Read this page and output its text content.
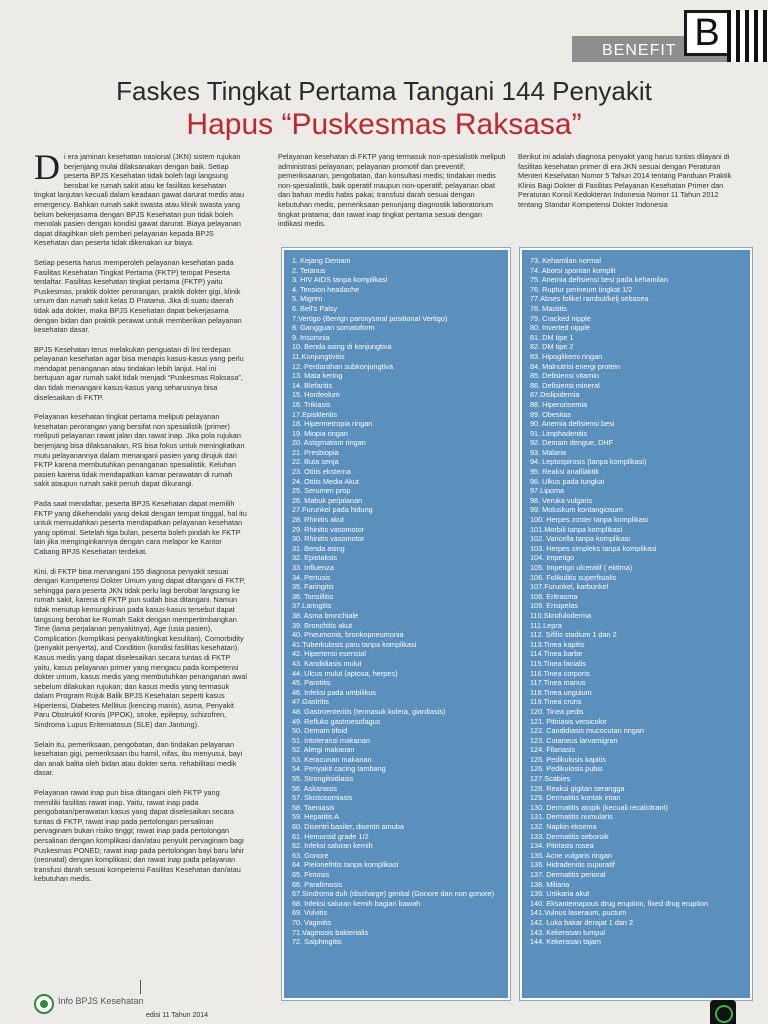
BENEFIT B
Faskes Tingkat Pertama Tangani 144 Penyakit
Hapus “Puskesmas Raksasa”
D i era jaminan kesehatan nasional (JKN) sistem rujukan berjenjang mulai dilaksanakan dengan baik. Setiap peserta BPJS Kesehatan tidak boleh lagi langsung berobat ke rumah sakit atau ke fasilitas kesehatan tingkat lanjutan kecuali dalam keadaan gawat darurat medis atau emergency. Bahkan rumah sakit swasta atau klinik swasta yang belum bekerjasama dengan BPJS Kesehatan pun tidak boleh menolak pasien dengan kondisi gawat darurat. Biaya pelayanan dapat ditagihkan oleh pemberi pelayanan kepada BPJS Kesehatan dan peserta tidak dikenakan iur biaya.

Setiap peserta harus memperoleh pelayanan kesehatan pada Fasilitas Kesehatan Tingkat Pertama (FKTP) tempat Peserta terdaftar. Fasilitas kesehatan tingkat pertama (FKTP) yaitu Puskesmas, praktik dokter perorangan, praktik dokter gigi, klinik umum dan rumah sakit kelas D Pratama. Jika di suatu daerah tidak ada dokter, maka BPJS Kesehatan dapat bekerjasama dengan bidan dan praktik perawat untuk memberikan pelayanan kesehatan dasar.

BPJS Kesehatan terus melakukan penguatan di lini terdepan pelayanan kesehatan agar bisa menapis kasus-kasus yang perlu mendapat penanganan atau tindakan lebih lanjut. Hal ini bertujuan agar rumah sakit tidak menjadi “Puskesmas Raksasa”, dan tidak menangani kasus-kasus yang seharusnya bisa diselesaikan di FKTP.

Pelayanan kesehatan tingkat pertama meliputi pelayanan kesehatan perorangan yang bersifat non spesialistik (primer) meliputi pelayanan rawat jalan dan rawat inap. Jika pola rujukan berjenjang bisa dilaksanakan, RS bisa fokus untuk meningkatkan mutu pelayanannya dalam menangani pasien yang dirujuk dari FKTP karena membutuhkan penanganan spesialistik. Keluhan pasien karena tidak mendapatkan kamar perawatan di rumah sakit ataupun rumah sakit penuh dapat dikurangi.

Pada saat mendaftar, peserta BPJS Kesehatan dapat memilih FKTP yang dikehendaki yang dekat dengan tempat tinggal, hal itu untuk memudahkan peserta mendapatkan pelayanan kesehatan yang optimal. Setelah tiga bulan, peserta boleh pindah ke FKTP lain jika menginginkannya dengan cara melapor ke Kantor Cabang BPJS Kesehatan terdekat.

Kini, di FKTP bisa menangani 155 diagnosa penyakit sesuai dengan Kompetensi Dokter Umum yang dapat ditangani di FKTP, sehingga para peserta JKN tidak perlu lagi berobat langsung ke rumah sakit, karena di FKTP pun sudah bisa ditangani. Namun tidak menutup kemungkinan pada kasus-kasus tersebut dapat langsung berobat ke Rumah Sakit dengan mempertimbangkan Time (lama perjalanan penyakitnya), Age (usia pasien), Complication (komplikasi penyakit/tingkat kesulitan), Comorbidity (penyakit penyerta), and Condition (kondisi fasilitas kesehatan). Kasus medis yang dapat diselesaikan secara tuntas di FKTP yaitu, kasus pelayanan primer yang mengacu pada kompetensi dokter umum, kasus medis yang membutuhkan penanganan awal sebelum dilakukan rujukan; dan kasus medis yang termasuk dalam Program Rujuk Balik BPJS Kesehatan seperti kasus Hipertensi, Diabetes Mellitus (kencing manis), asma, Penyakit Paru Obstruktif Kronis (PPOK), stroke, epilepsy, schizofren, Sindroma Lupus Eritematosus (SLE) dan Jantung).

Selain itu, pemeriksaan, pengobatan, dan tindakan pelayanan kesehatan gigi, pemeriksaan ibu hamil, nifas, ibu menyusui, bayi dan anak balita oleh bidan atau dokter serta. rehabilitasi medik dasar.

Pelayanan rawat inap pun bisa ditangani oleh FKTP yang memiliki fasilitas rawat inap. Yaitu, rawat inap pada pengobatan/perawatan kasus yang dapat diselesaikan secara tuntas di FKTP, rawat inap pada pertolongan persalinan pervaginam bukan risiko tinggi; rawat inap pada pertolongan persalinan dengan komplikasi dan/atau penyulit pervaginam bagi Puskesmas PONED; rawat inap pada pertolongan bayi baru lahir (neonatal) dengan komplikasi; dan rawat inap pada pelayanan transfusi darah sesuai kompetensi Fasilitas Kesehatan dan/atau kebutuhan medis.

Pelayanan kesehatan di FKTP yang termasuk non-spesialistik meliputi administrasi pelayanan; pelayanan promotif dan preventif; pemeriksaanan, pengobatan, dan konsultasi medis; tindakan medis non-spesialistik, baik operatif maupun non-operatif; pelayanan obat dan bahan medis habis pakai; transfusi darah sesuai dengan kebutuhan medis, pemeriksaan penunjang diagnostik laboratorium tingkat pratama; dan rawat inap tingkat pertama sesuai dengan indikasi medis.

Berikut ini adalah diagnosa penyakit yang harus tuntas dilayani di fasilitas kesehatan primer di era JKN sesuai dengan Peraturan Menteri Kesehatan Nomor 5 Tahun 2014 tentang Panduan Praktik Klinis Bagi Dokter di Fasilitas Pelayanan Kesehatan Primer dan Peraturan Konsil Kedokteran Indonesia Nomor 11 Tahun 2012 tentang Standar Kompetensi Dokter Indonesia

1. Kejang Demam
2. Tetanus
3. HIV AIDS tanpa komplikasi
4. Tension headache
5. Migren
6. Bell's Palsy
7.Vertigo (Benign paroxysmal positional Vertigo)
8. Gangguan somatoform
9. Insomnia
10. Benda asing di konjungtiva
11.Konjungtivitis
12. Perdarahan subkonjungtiva
13. Mata kering
14. Blefaritis
15. Hordeolum
16. Trikiasis
17.Episkleritis
18. Hipermetropia ringan
19. Miopia ringan
20. Astigmatism ringan
21. Presbiopia
22. Buta senja
23. Otitis eksterna
24. Otitis Media Akut
25. Serumen prop
26. Mabuk perjalanan
27.Furunkel pada hidung
28. Rhinitis akut
29. Rhinitis vasomotor
30. Rhinitis vasomotor
31. Benda asing
32. Epistaksis
33. Influenza
34. Pertusis
35. Faringitis
36. Tonsillitis
37.Laringitis
38. Asma bronchiale
39. Bronchitis akut
40. Pneumonia, bronkopneumonia
41.Tuberkulosis paru tanpa komplikasi
42. Hipertensi esensial
43. Kandidiasis mulut
44. Ulcus mulut (aptosa, herpes)
45. Parotitis
46. Infeksi pada umbilikus
47.Gastritis
48. Gastroenteritis (termasuk kolera, giardiasis)
49. Refluks gastroesofagus
50. Demam tifoid
51. Intoleransi makanan
52. Alergi makanan
53. Keracunan makanan
54. Penyakit cacing tambang
55. Strongiloidiasis
56. Askariasis
57. Skistosomiasis
58. Taeniasis
59. Hepatitis A
60. Disentri basiler, disentri amuba
61. Hemoroid grade 1/2
62. Infeksi saluran kemih
63. Gonore
64. Pielonefritis tanpa komplikasi
65. Fimosis
66. Parafimosis
67.Sindroma duh (discharge) genital (Gonore dan non gonore)
68. Infeksi saluran kemih bagian bawah
69. Vulvitis
70. Vaginitis
71.Vaginosis bakterialis
72. Salphingitis
73. Kehamilan normal
74. Aborsi spontan komplit
75. Anemia defisiensi besi pada kehamilan
76. Ruptur perineum tingkat 1/2
77.Abses folikel rambut/kelj sebasea
78. Mastitis
79. Cracked nipple
80. Inverted nipple
81. DM tipe 1
82. DM tipe 2
83. Hipoglikemi ringan
84. Malnutrisi energi protein
85. Defisiensi vitamin
86. Defisiensi mineral
87.Dislipidemia
88. Hiperurisemia
89. Obesitas
90. Anemia defisiensi besi
91. Limphadenitis
92. Demam dengue, DHF
93. Malaria
94. Leptospirosis (tanpa komplikasi)
95. Reaksi anafilaktik
96. Ulkus pada tungkai
97.Lipoma
98. Veruka vulgaris
99. Moluskum kontangiosum
100. Herpes zoster tanpa komplikasi
101.Morbili tanpa komplikasi
102. Varicella tanpa komplikasi
103. Herpes simpleks tanpa komplikasi
104. Impetigo
105. Impetigo ulceratif ( ektima)
106. Folikulitis superfisialis
107.Furunkel, karbunkel
108. Eritrasma
109. Erisipelas
110.Skrofuloderma
111.Lepra
112. Sifilis stadium 1 dan 2
113.Tinea kapitis
114.Tinea barbe
115.Tinea facialis
116.Tinea corporis
117.Tinea manus
118.Tinea unguium
119.Tinea cruris
120. Tinea pedis
121. Pitiriasis versicolor
122. Candidiasis mucocutan ringan
123. Cutaneus larvamigran
124. Filariasis
125. Pedikulosis kapitis
126. Pedikulosis pubis
127.Scabies
128. Reaksi gigitan serangga
129. Dermatitis kontak iritan
130. Dermatitis atopik (kecuali recalcitrant)
131. Dermatitis numularis
132. Napkin eksema
133. Dermatitis seboroik
134. Pitiriasis rosea
135. Acne vulgaris ringan
136. Hidradenitis supuratif
137. Dermatitis perioral
138. Miliaria
139. Urtikaria akut
140. Eksantemapous drug eruption, fixed drug eruption
141.Vulnus laseraum, puctum
142. Luka bakar derajat 1 dan 2
143. Kekerasan tumpul
144. Kekerasan tajam
Info BPJS Kesehatan
edisi 11 Tahun 2014
